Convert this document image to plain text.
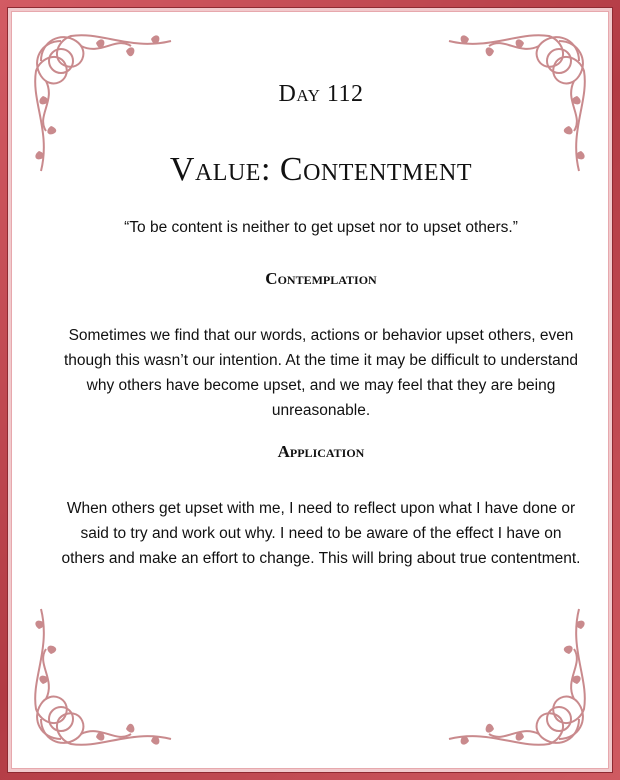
Day 112
Value: Contentment
“To be content is neither to get upset nor to upset others.”
Contemplation
Sometimes we find that our words, actions or behavior upset others, even though this wasn’t our intention. At the time it may be difficult to understand why others have become upset, and we may feel that they are being unreasonable.
Application
When others get upset with me, I need to reflect upon what I have done or said to try and work out why. I need to be aware of the effect I have on others and make an effort to change. This will bring about true contentment.
